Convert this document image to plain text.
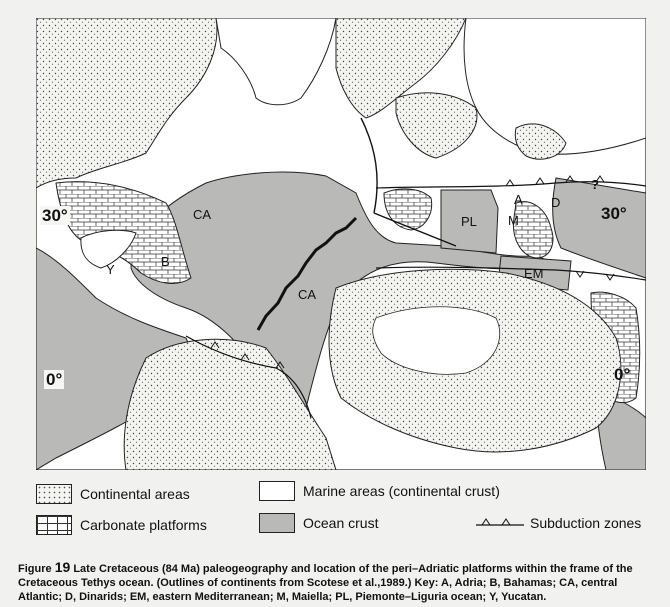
CA
CA
PL
A D
M
EM
B
Y
?
30°	30°
0°	0°
Continental areas
Carbonate platforms
Marine areas (continental crust)
Ocean crust	Subduction zones
Figure 19 Late Cretaceous (84 Ma) paleogeography and location of the peri–Adriatic platforms within the frame of the Cretaceous Tethys ocean. (Outlines of continents from Scotese et al.,1989.) Key: A, Adria; B, Bahamas; CA, central Atlantic; D, Dinarids; EM, eastern Mediterranean; M, Maiella; PL, Piemonte–Liguria ocean; Y, Yucatan.
